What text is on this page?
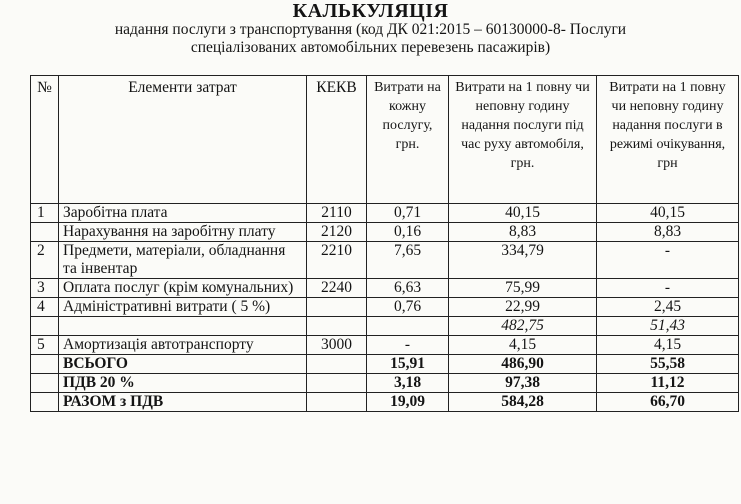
КАЛЬКУЛЯЦІЯ
надання послуги з транспортування (код ДК 021:2015 – 60130000-8- Послуги
спеціалізованих автомобільних перевезень пасажирів)
№	Елементи затрат	КЕКВ	Витрати на кожну послугу, грн.	Витрати на 1 повну чи неповну годину надання послуги під час руху автомобіля, грн.	Витрати на 1 повну чи неповну годину надання послуги в режимі очікування, грн
1	Заробітна плата	2110	0,71	40,15	40,15
	Нарахування на заробітну плату	2120	0,16	8,83	8,83
2	Предмети, матеріали, обладнання та інвентар	2210	7,65	334,79	-
3	Оплата послуг (крім комунальних)	2240	6,63	75,99	-
4	Адміністративні витрати ( 5 %)		0,76	22,99	2,45
				482,75	51,43
5	Амортизація автотранспорту	3000	-	4,15	4,15
	ВСЬОГО		15,91	486,90	55,58
	ПДВ 20 %		3,18	97,38	11,12
	РАЗОМ з ПДВ		19,09	584,28	66,70
